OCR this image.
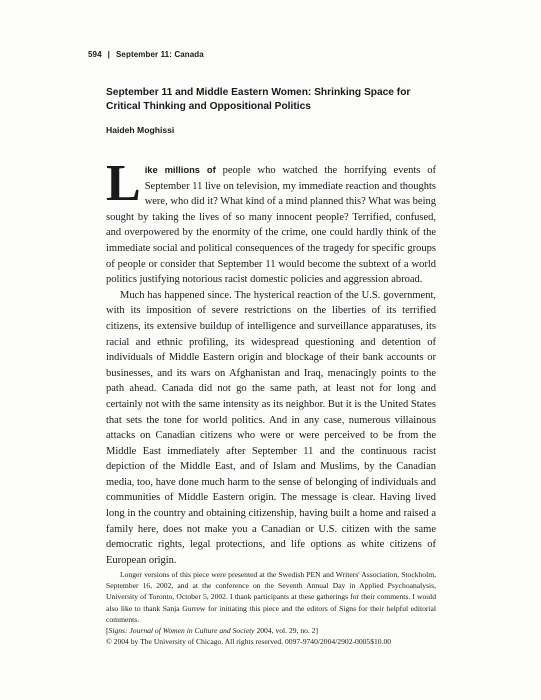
594 | September 11: Canada
September 11 and Middle Eastern Women: Shrinking Space for Critical Thinking and Oppositional Politics
Haideh Moghissi

Like millions of people who watched the horrifying events of September 11 live on television, my immediate reaction and thoughts were, who did it? What kind of a mind planned this? What was being sought by taking the lives of so many innocent people? Terrified, confused, and overpowered by the enormity of the crime, one could hardly think of the immediate social and political consequences of the tragedy for specific groups of people or consider that September 11 would become the subtext of a world politics justifying notorious racist domestic policies and aggression abroad.

Much has happened since. The hysterical reaction of the U.S. government, with its imposition of severe restrictions on the liberties of its terrified citizens, its extensive buildup of intelligence and surveillance apparatuses, its racial and ethnic profiling, its widespread questioning and detention of individuals of Middle Eastern origin and blockage of their bank accounts or businesses, and its wars on Afghanistan and Iraq, menacingly points to the path ahead. Canada did not go the same path, at least not for long and certainly not with the same intensity as its neighbor. But it is the United States that sets the tone for world politics. And in any case, numerous villainous attacks on Canadian citizens who were or were perceived to be from the Middle East immediately after September 11 and the continuous racist depiction of the Middle East, and of Islam and Muslims, by the Canadian media, too, have done much harm to the sense of belonging of individuals and communities of Middle Eastern origin. The message is clear. Having lived long in the country and obtaining citizenship, having built a home and raised a family here, does not make you a Canadian or U.S. citizen with the same democratic rights, legal protections, and life options as white citizens of European origin.

Longer versions of this piece were presented at the Swedish PEN and Writers' Association, Stockholm, September 16, 2002, and at the conference on the Seventh Annual Day in Applied Psychoanalysis, University of Toronto, October 5, 2002. I thank participants at these gatherings for their comments. I would also like to thank Sanja Gurrew for initiating this piece and the editors of Signs for their helpful editorial comments.

[Signs: Journal of Women in Culture and Society 2004, vol. 29, no. 2]

© 2004 by The University of Chicago. All rights reserved. 0097-9740/2004/2902-0005$10.00
